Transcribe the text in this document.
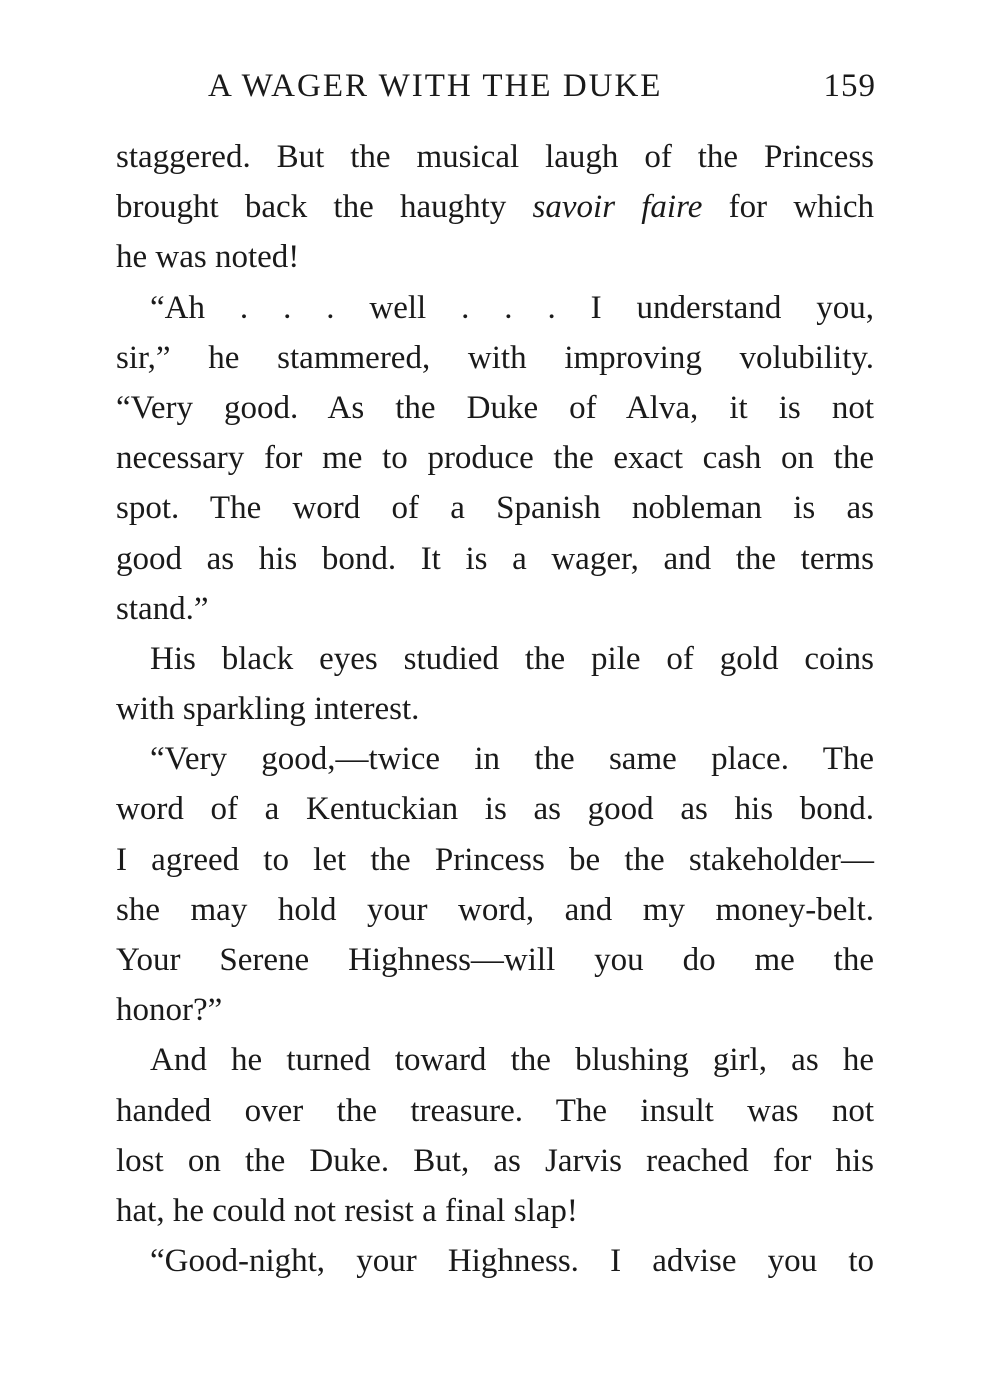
A WAGER WITH THE DUKE	159
staggered. But the musical laugh of the Princess
brought back the haughty savoir faire for which
he was noted!
“Ah . . . well . . . I understand you,
sir,” he stammered, with improving volubility.
“Very good. As the Duke of Alva, it is not
necessary for me to produce the exact cash on the
spot. The word of a Spanish nobleman is as
good as his bond. It is a wager, and the terms
stand.”
His black eyes studied the pile of gold coins
with sparkling interest.
“Very good,—twice in the same place. The
word of a Kentuckian is as good as his bond.
I agreed to let the Princess be the stakeholder—
she may hold your word, and my money-belt.
Your Serene Highness—will you do me the
honor?”
And he turned toward the blushing girl, as he
handed over the treasure. The insult was not
lost on the Duke. But, as Jarvis reached for his
hat, he could not resist a final slap!
“Good-night, your Highness. I advise you to
